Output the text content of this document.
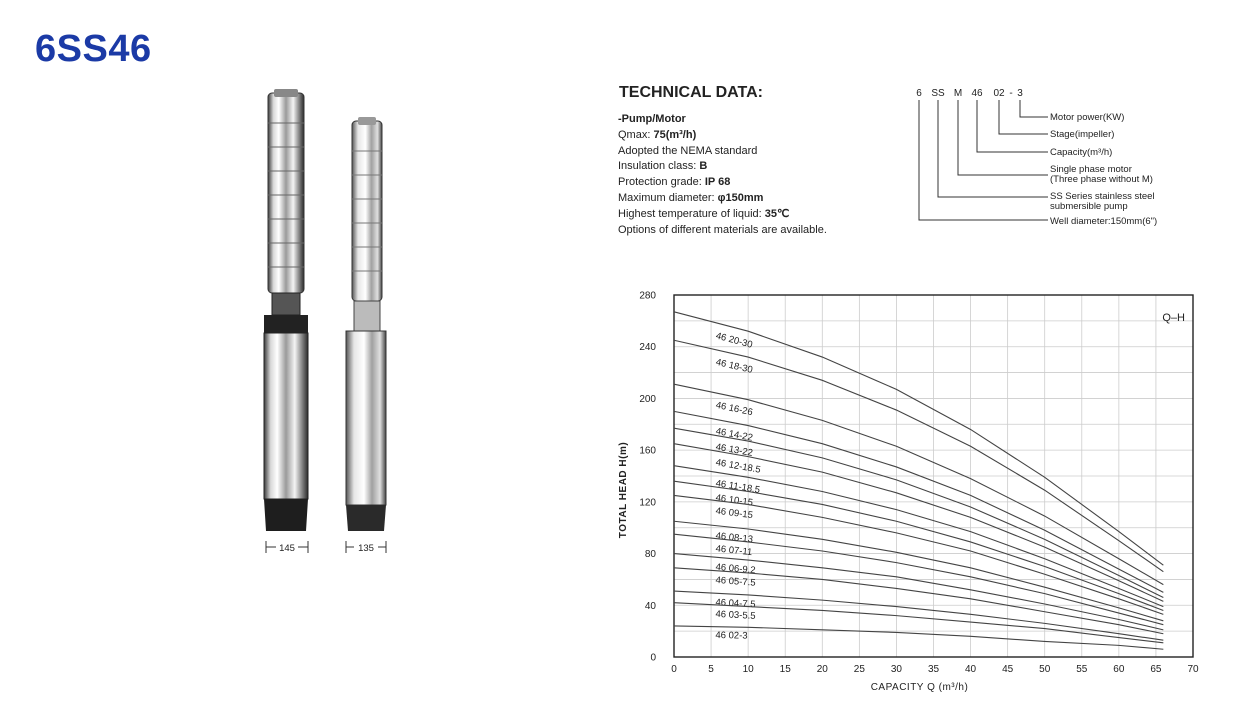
6SS46
145	135
TECHNICAL DATA:
-Pump/Motor
Qmax: 75(m³/h)
Adopted the NEMA standard
Insulation class: B
Protection grade: IP 68
Maximum diameter: φ150mm
Highest temperature of liquid: 35℃
Options of different materials are available.
6 SS M 46 02 - 3
Motor power(KW)
Stage(impeller)
Capacity(m³/h)
Single phase motor
(Three phase without M)
SS Series stainless steel
submersible pump
Well diameter:150mm(6")
46 20-30
46 18-30
46 16-26
46 14-22
46 13-22
46 12-18.5
46 11-18.5
46 10-15
46 09-15
46 08-13
46 07-11
46 06-9.2
46 05-7.5
46 04-7.5
46 03-5.5
46 02-3
0	5	10	15	20	25	30	35	40	45	50	55	60	65	70
0
40
80
120
160
200
240
280
Q–H
CAPACITY Q (m³/h)
TOTAL HEAD H(m)
